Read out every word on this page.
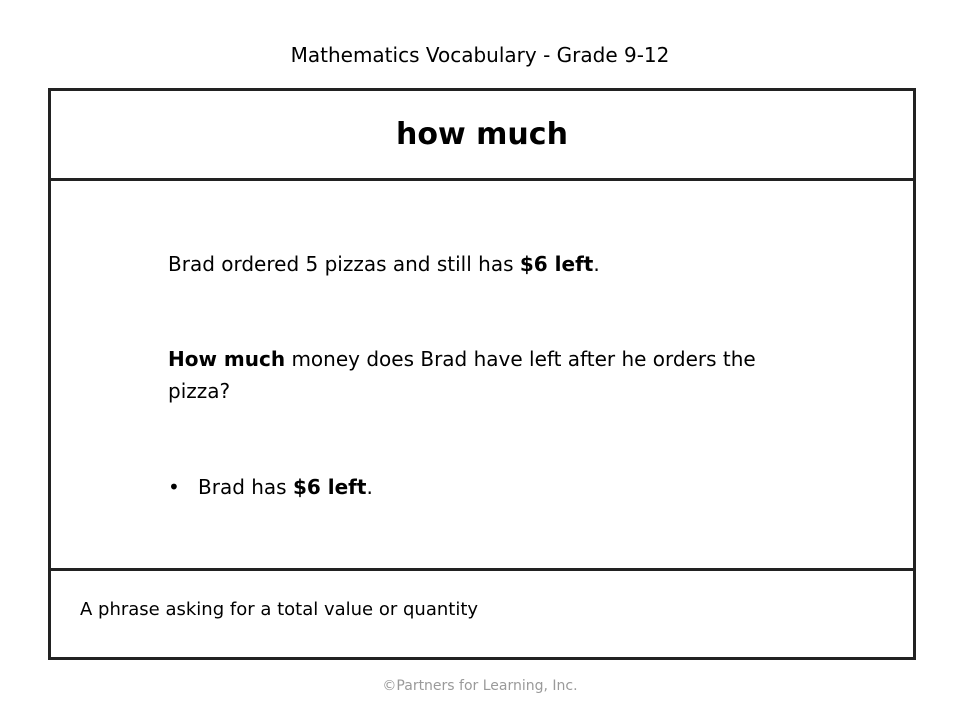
Mathematics Vocabulary - Grade 9-12
how much
Brad ordered 5 pizzas and still has $6 left.
How much money does Brad have left after he orders the pizza?
• Brad has $6 left.
A phrase asking for a total value or quantity
©Partners for Learning, Inc.
